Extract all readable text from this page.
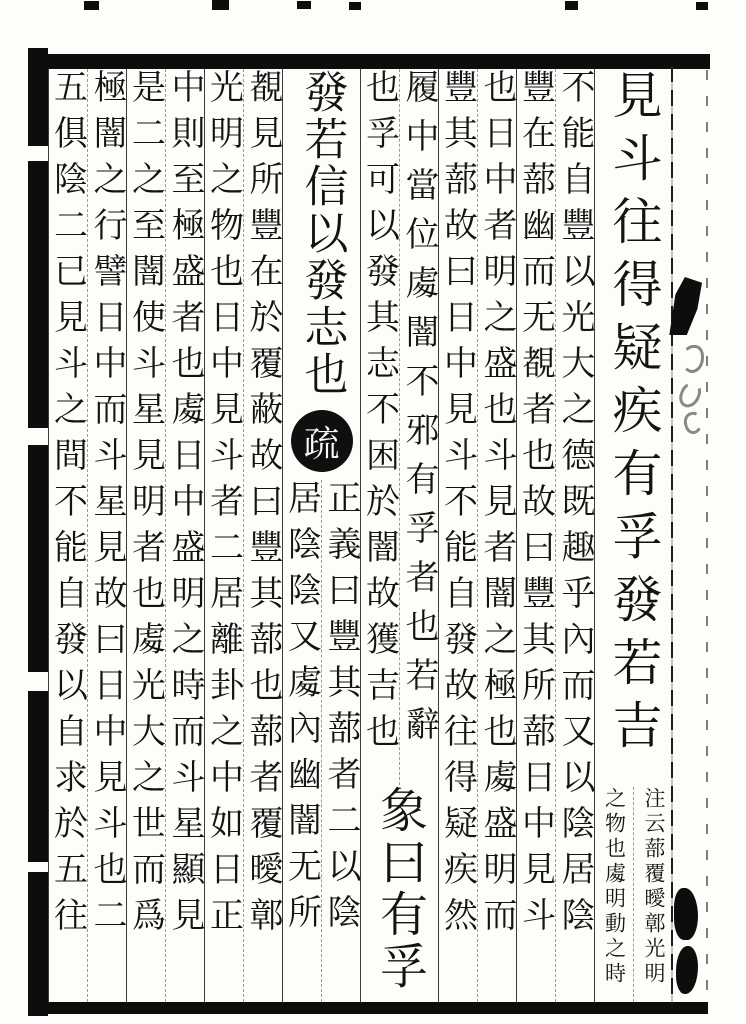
見斗往得疑疾有孚發若吉
注云蔀覆曖鄣光明
之物也䖏明動之時
不能自豐以光大之德既趣乎內而又以陰居陰
豐在蔀幽而无覩者也故曰豐其所蔀日中見斗
也日中者明之盛也斗見者闇之極也䖏盛明而
豐其蔀故曰日中見斗不能自發故往得疑疾然
履中當位䖏闇不邪有孚者也若辭
也孚可以發其志不困於闇故獲吉也
象曰有孚
發若信以發志也
疏
正義曰豐其蔀者二以陰
居陰陰又䖏內幽闇无所
覩見所豐在於覆蔽故曰豐其蔀也蔀者覆曖鄣
光明之物也日中見斗者二居離卦之中如日正
中則至極盛者也䖏日中盛明之時而斗星顯見
是二之至闇使斗星見明者也䖏光大之世而爲
極闇之行譬日中而斗星見故曰日中見斗也二
五俱陰二已見斗之間不能自發以自求於五往
